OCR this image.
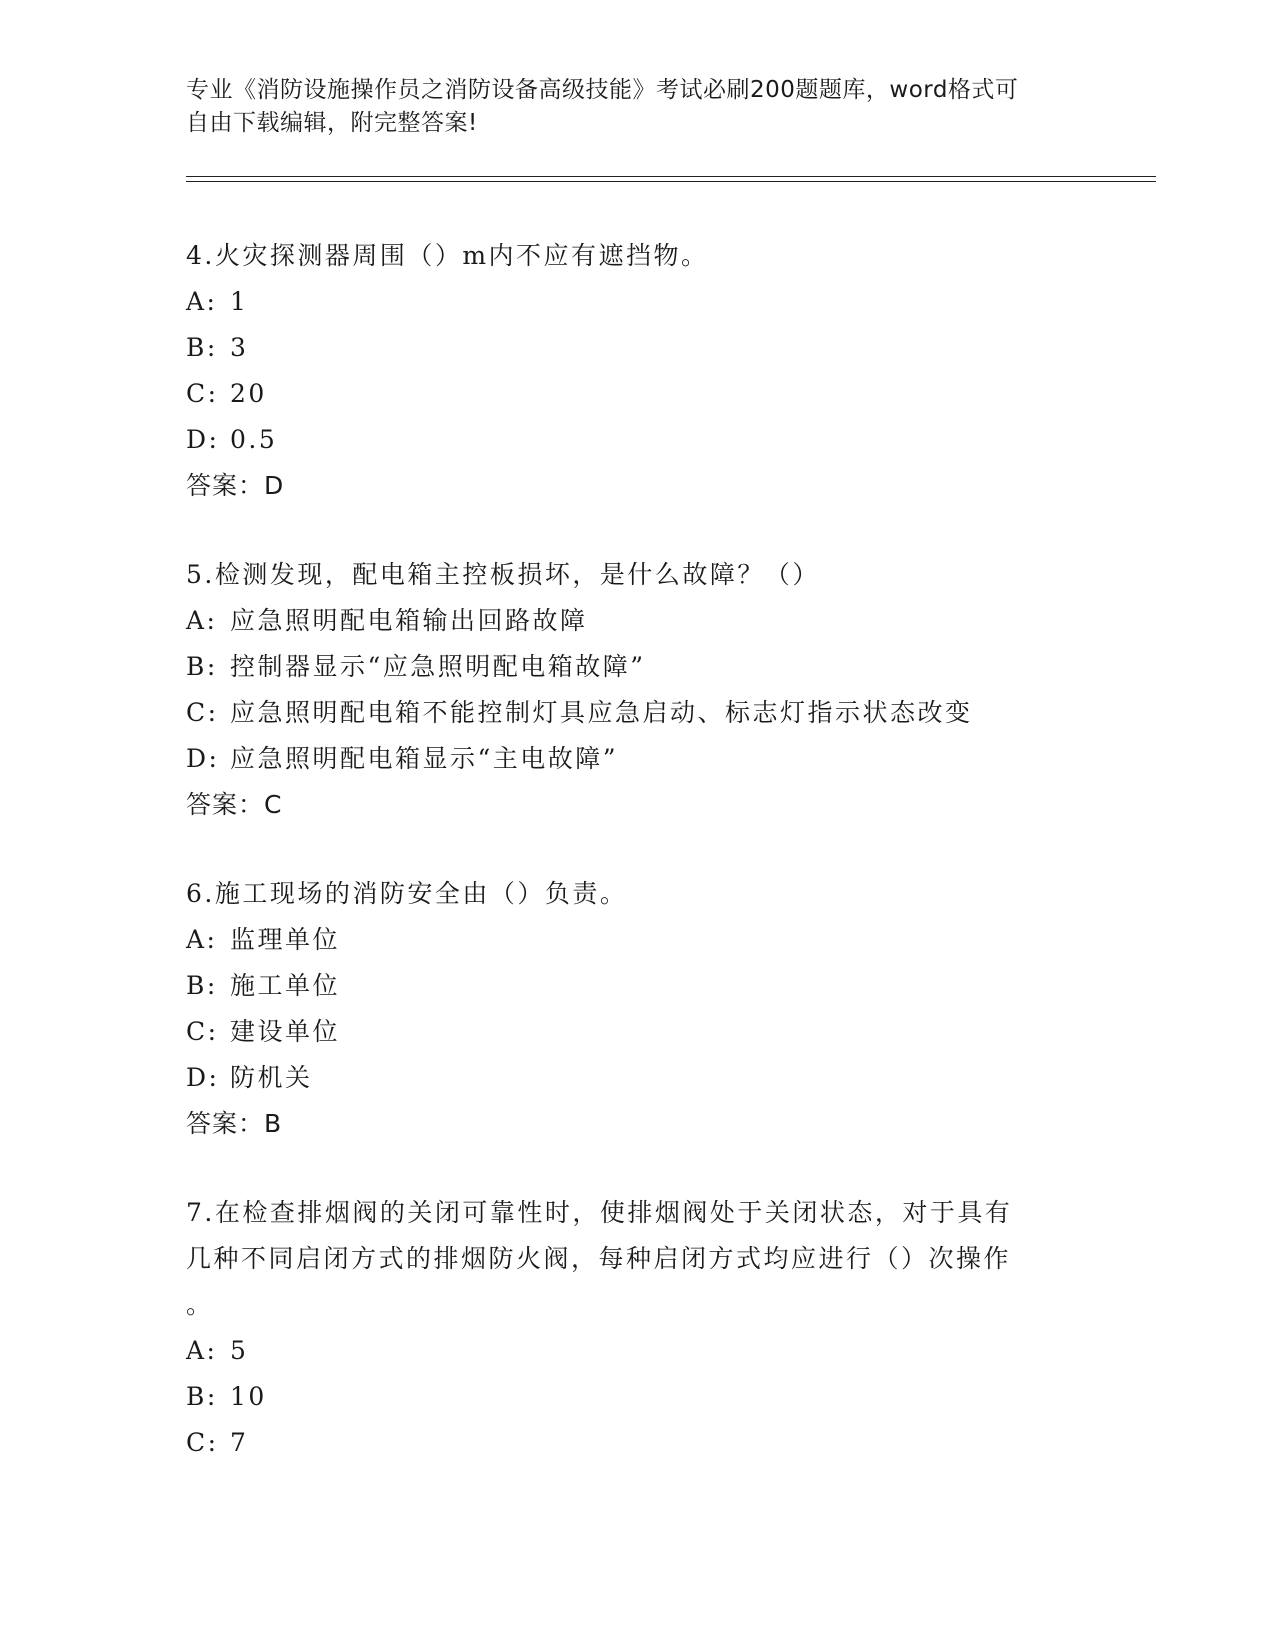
专业《消防设施操作员之消防设备高级技能》考试必刷200题题库，word格式可
自由下载编辑，附完整答案!
4.火灾探测器周围（）m内不应有遮挡物。
A: 1
B: 3
C: 20
D: 0.5
答案：D
5.检测发现，配电箱主控板损坏，是什么故障？（）
A: 应急照明配电箱输出回路故障
B: 控制器显示“应急照明配电箱故障”
C: 应急照明配电箱不能控制灯具应急启动、标志灯指示状态改变
D: 应急照明配电箱显示“主电故障”
答案：C
6.施工现场的消防安全由（）负责。
A: 监理单位
B: 施工单位
C: 建设单位
D: 防机关
答案：B
7.在检查排烟阀的关闭可靠性时，使排烟阀处于关闭状态，对于具有
几种不同启闭方式的排烟防火阀，每种启闭方式均应进行（）次操作
。
A: 5
B: 10
C: 7
